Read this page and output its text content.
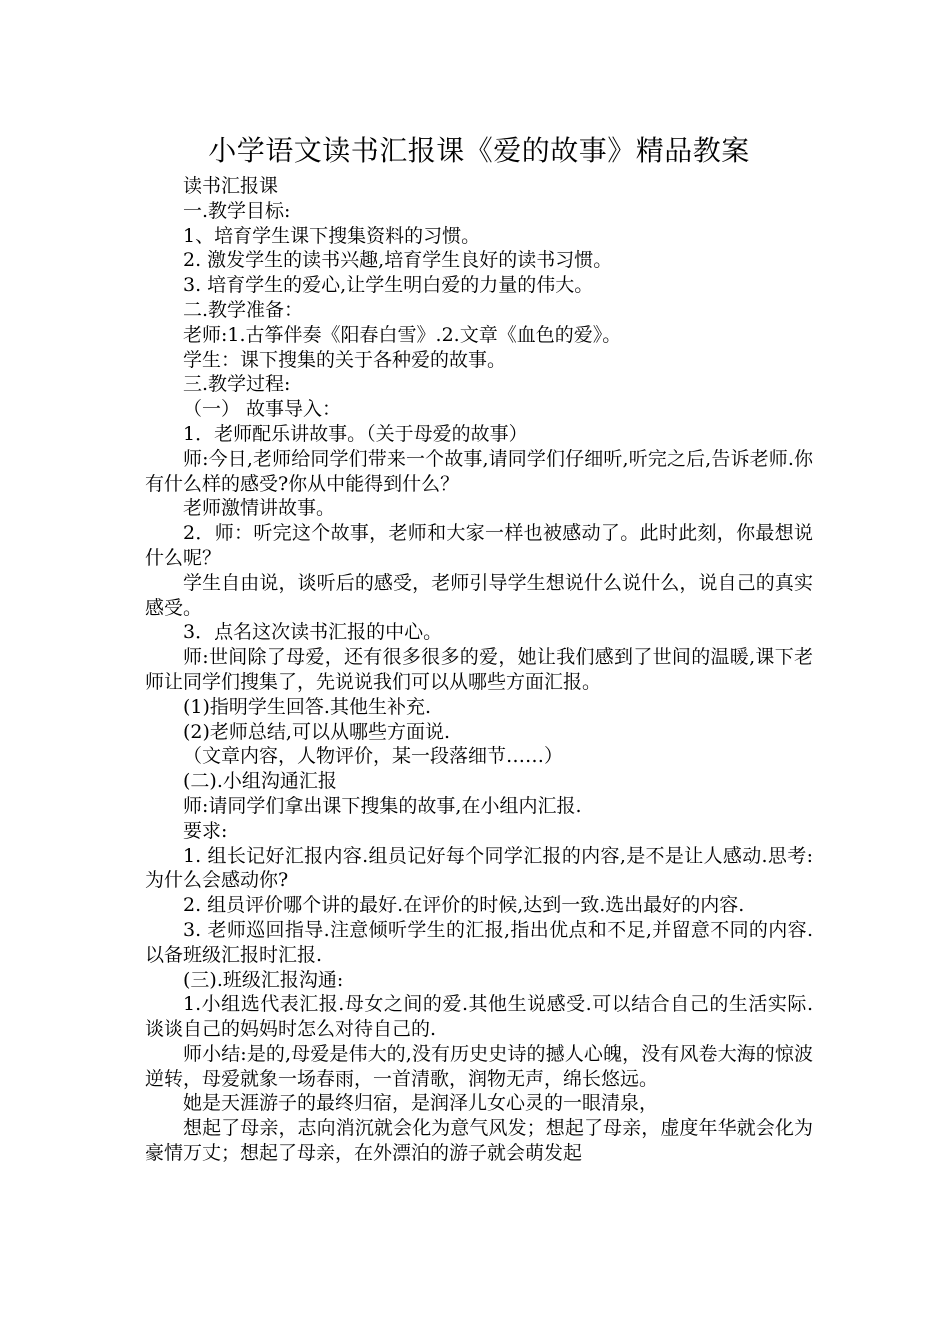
小学语文读书汇报课《爱的故事》精品教案

读书汇报课

一.教学目标:

1、培育学生课下搜集资料的习惯。

2. 激发学生的读书兴趣,培育学生良好的读书习惯。

3. 培育学生的爱心,让学生明白爱的力量的伟大。

二.教学准备：

老师:1.古筝伴奏《阳春白雪》.2.文章《血色的爱》。

学生：课下搜集的关于各种爱的故事。

三.教学过程:

（一） 故事导入：

1．老师配乐讲故事。（关于母爱的故事）

师:今日,老师给同学们带来一个故事,请同学们仔细听,听完之后,告诉老师.你有什么样的感受?你从中能得到什么？

老师激情讲故事。

2．师：听完这个故事，老师和大家一样也被感动了。此时此刻，你最想说什么呢？

学生自由说，谈听后的感受，老师引导学生想说什么说什么，说自己的真实感受。

3．点名这次读书汇报的中心。

师:世间除了母爱，还有很多很多的爱，她让我们感到了世间的温暖,课下老师让同学们搜集了，先说说我们可以从哪些方面汇报。

(1)指明学生回答.其他生补充.

(2)老师总结,可以从哪些方面说.

（文章内容，人物评价，某一段落细节……）

(二).小组沟通汇报

师:请同学们拿出课下搜集的故事,在小组内汇报.

要求:

1. 组长记好汇报内容.组员记好每个同学汇报的内容,是不是让人感动.思考:为什么会感动你?

2. 组员评价哪个讲的最好.在评价的时候,达到一致.选出最好的内容.

3. 老师巡回指导.注意倾听学生的汇报,指出优点和不足,并留意不同的内容.以备班级汇报时汇报.

(三).班级汇报沟通:

1.小组选代表汇报.母女之间的爱.其他生说感受.可以结合自己的生活实际.谈谈自己的妈妈时怎么对待自己的.

师小结:是的,母爱是伟大的,没有历史史诗的撼人心魄，没有风卷大海的惊波逆转，母爱就象一场春雨，一首清歌，润物无声，绵长悠远。

她是天涯游子的最终归宿，是润泽儿女心灵的一眼清泉，

想起了母亲，志向消沉就会化为意气风发；想起了母亲，虚度年华就会化为豪情万丈；想起了母亲，在外漂泊的游子就会萌发起
